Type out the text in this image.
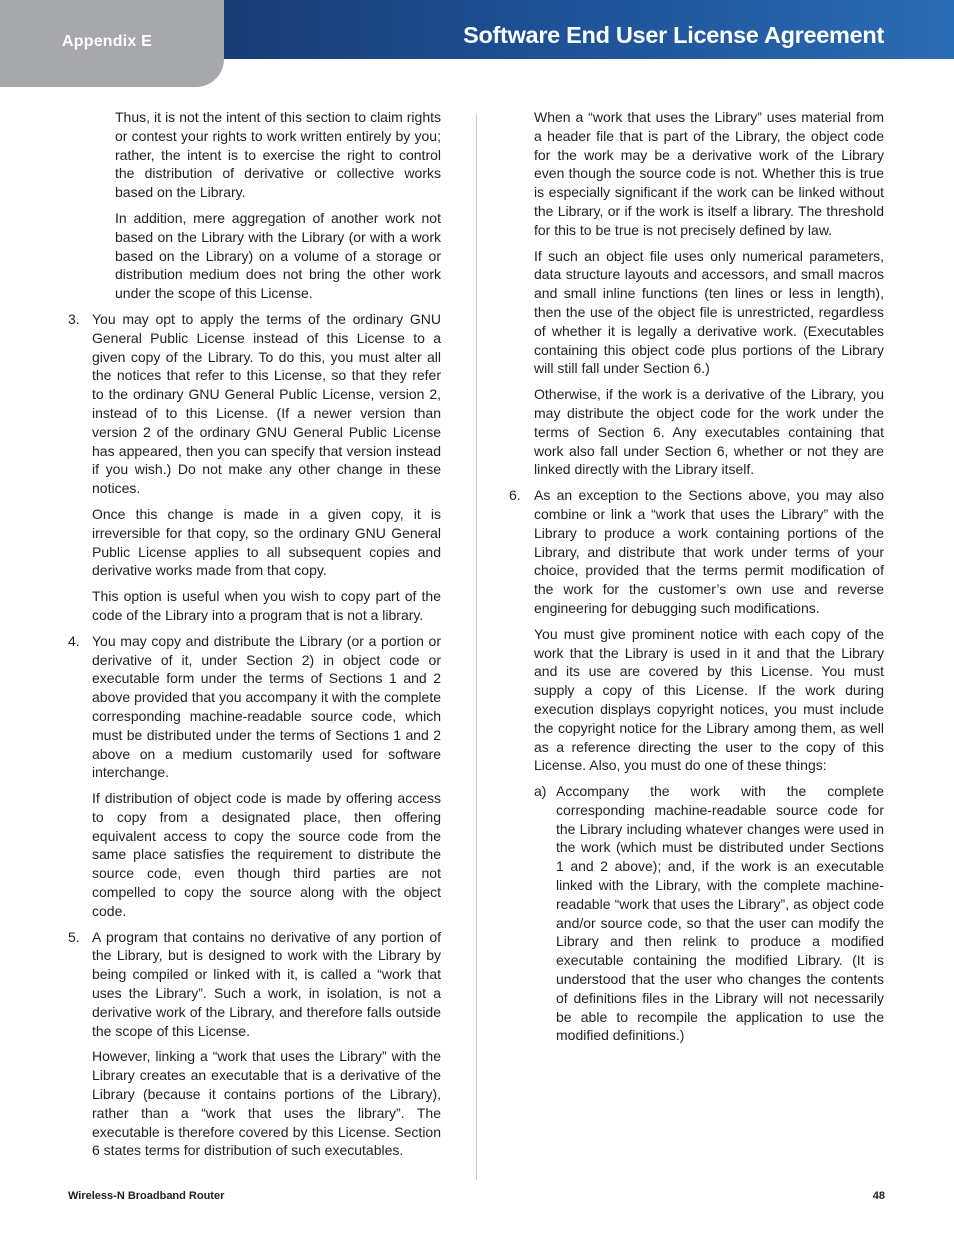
Appendix E	Software End User License Agreement

Thus, it is not the intent of this section to claim rights or contest your rights to work written entirely by you; rather, the intent is to exercise the right to control the distribution of derivative or collective works based on the Library.

In addition, mere aggregation of another work not based on the Library with the Library (or with a work based on the Library) on a volume of a storage or distribution medium does not bring the other work under the scope of this License.

3. You may opt to apply the terms of the ordinary GNU General Public License instead of this License to a given copy of the Library. To do this, you must alter all the notices that refer to this License, so that they refer to the ordinary GNU General Public License, version 2, instead of to this License. (If a newer version than version 2 of the ordinary GNU General Public License has appeared, then you can specify that version instead if you wish.) Do not make any other change in these notices.

Once this change is made in a given copy, it is irreversible for that copy, so the ordinary GNU General Public License applies to all subsequent copies and derivative works made from that copy.

This option is useful when you wish to copy part of the code of the Library into a program that is not a library.

4. You may copy and distribute the Library (or a portion or derivative of it, under Section 2) in object code or executable form under the terms of Sections 1 and 2 above provided that you accompany it with the complete corresponding machine-readable source code, which must be distributed under the terms of Sections 1 and 2 above on a medium customarily used for software interchange.

If distribution of object code is made by offering access to copy from a designated place, then offering equivalent access to copy the source code from the same place satisfies the requirement to distribute the source code, even though third parties are not compelled to copy the source along with the object code.

5. A program that contains no derivative of any portion of the Library, but is designed to work with the Library by being compiled or linked with it, is called a “work that uses the Library”. Such a work, in isolation, is not a derivative work of the Library, and therefore falls outside the scope of this License.

However, linking a “work that uses the Library” with the Library creates an executable that is a derivative of the Library (because it contains portions of the Library), rather than a “work that uses the library”. The executable is therefore covered by this License. Section 6 states terms for distribution of such executables.

When a “work that uses the Library” uses material from a header file that is part of the Library, the object code for the work may be a derivative work of the Library even though the source code is not. Whether this is true is especially significant if the work can be linked without the Library, or if the work is itself a library. The threshold for this to be true is not precisely defined by law.

If such an object file uses only numerical parameters, data structure layouts and accessors, and small macros and small inline functions (ten lines or less in length), then the use of the object file is unrestricted, regardless of whether it is legally a derivative work. (Executables containing this object code plus portions of the Library will still fall under Section 6.)

Otherwise, if the work is a derivative of the Library, you may distribute the object code for the work under the terms of Section 6. Any executables containing that work also fall under Section 6, whether or not they are linked directly with the Library itself.

6. As an exception to the Sections above, you may also combine or link a “work that uses the Library” with the Library to produce a work containing portions of the Library, and distribute that work under terms of your choice, provided that the terms permit modification of the work for the customer’s own use and reverse engineering for debugging such modifications.

You must give prominent notice with each copy of the work that the Library is used in it and that the Library and its use are covered by this License. You must supply a copy of this License. If the work during execution displays copyright notices, you must include the copyright notice for the Library among them, as well as a reference directing the user to the copy of this License. Also, you must do one of these things:

a) Accompany the work with the complete corresponding machine-readable source code for the Library including whatever changes were used in the work (which must be distributed under Sections 1 and 2 above); and, if the work is an executable linked with the Library, with the complete machine-readable “work that uses the Library”, as object code and/or source code, so that the user can modify the Library and then relink to produce a modified executable containing the modified Library. (It is understood that the user who changes the contents of definitions files in the Library will not necessarily be able to recompile the application to use the modified definitions.)
Wireless-N Broadband Router	48
